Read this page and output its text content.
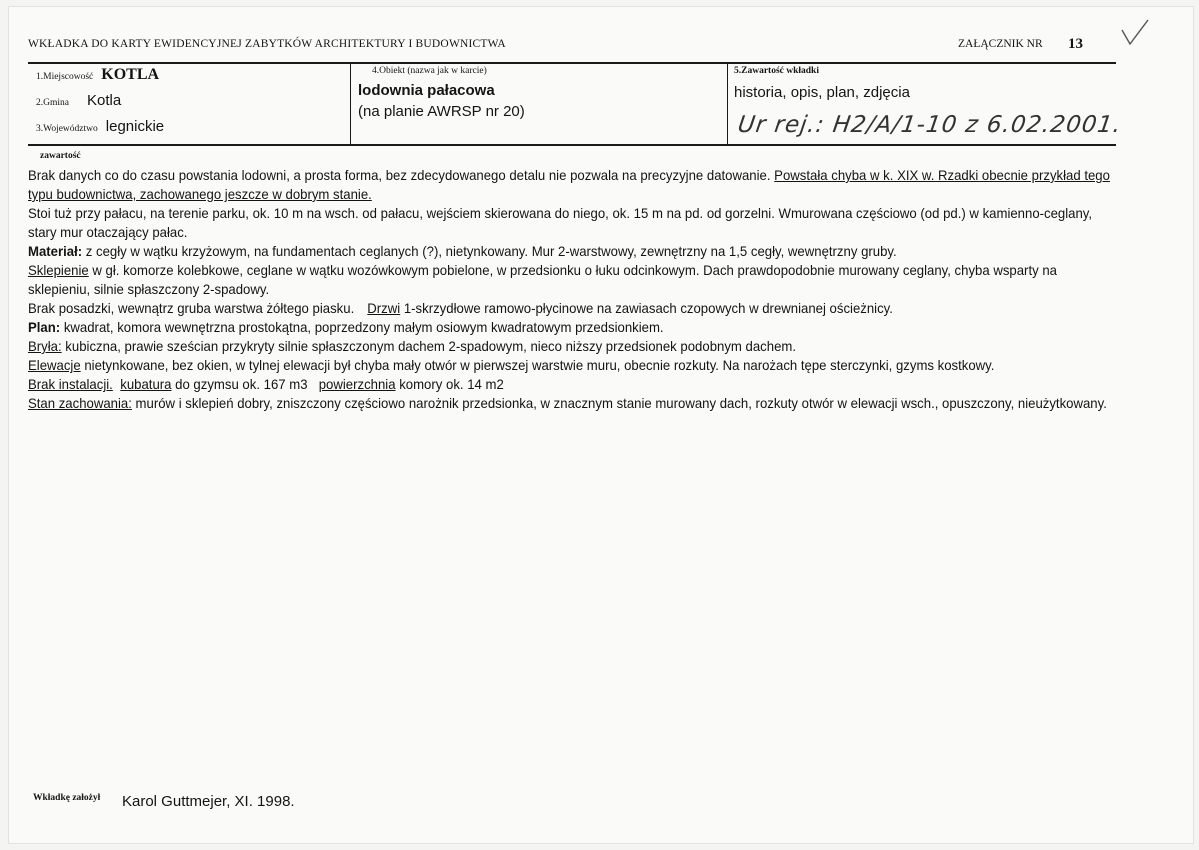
WKŁADKA DO KARTY EWIDENCYJNEJ ZABYTKÓW ARCHITEKTURY I BUDOWNICTWA	ZAŁĄCZNIK NR 13
1.Miejscowość KOTLA
2.Gmina Kotla
3.Województwo legnickie
4.Obiekt (nazwa jak w karcie)
lodownia pałacowa
(na planie AWRSP nr 20)
5.Zawartość wkładki
historia, opis, plan, zdjęcia
Ur rej.: H2/A/1-10 z 6.02.2001.
zawartość

Brak danych co do czasu powstania lodowni, a prosta forma, bez zdecydowanego detalu nie pozwala na precyzyjne datowanie. Powstała chyba w k. XIX w. Rzadki obecnie przykład tego typu budownictwa, zachowanego jeszcze w dobrym stanie.

Stoi tuż przy pałacu, na terenie parku, ok. 10 m na wsch. od pałacu, wejściem skierowana do niego, ok. 15 m na pd. od gorzelni. Wmurowana częściowo (od pd.) w kamienno-ceglany, stary mur otaczający pałac.

Materiał: z cegły w wątku krzyżowym, na fundamentach ceglanych (?), nietynkowany. Mur 2-warstwowy, zewnętrzny na 1,5 cegły, wewnętrzny gruby.

Sklepienie w gł. komorze kolebkowe, ceglane w wątku wozówkowym pobielone, w przedsionku o łuku odcinkowym. Dach prawdopodobnie murowany ceglany, chyba wsparty na sklepieniu, silnie spłaszczony 2-spadowy.

Brak posadzki, wewnątrz gruba warstwa żółtego piasku. Drzwi 1-skrzydłowe ramowo-płycinowe na zawiasach czopowych w drewnianej ościeżnicy.

Plan: kwadrat, komora wewnętrzna prostokątna, poprzedzony małym osiowym kwadratowym przedsionkiem.

Bryła: kubiczna, prawie sześcian przykryty silnie spłaszczonym dachem 2-spadowym, nieco niższy przedsionek podobnym dachem.

Elewacje nietynkowane, bez okien, w tylnej elewacji był chyba mały otwór w pierwszej warstwie muru, obecnie rozkuty. Na narożach tępe sterczynki, gzyms kostkowy.

Brak instalacji. kubatura do gzymsu ok. 167 m3 powierzchnia komory ok. 14 m2

Stan zachowania: murów i sklepień dobry, zniszczony częściowo narożnik przedsionka, w znacznym stanie murowany dach, rozkuty otwór w elewacji wsch., opuszczony, nieużytkowany.

Wkładkę założył Karol Guttmejer, XI. 1998.
